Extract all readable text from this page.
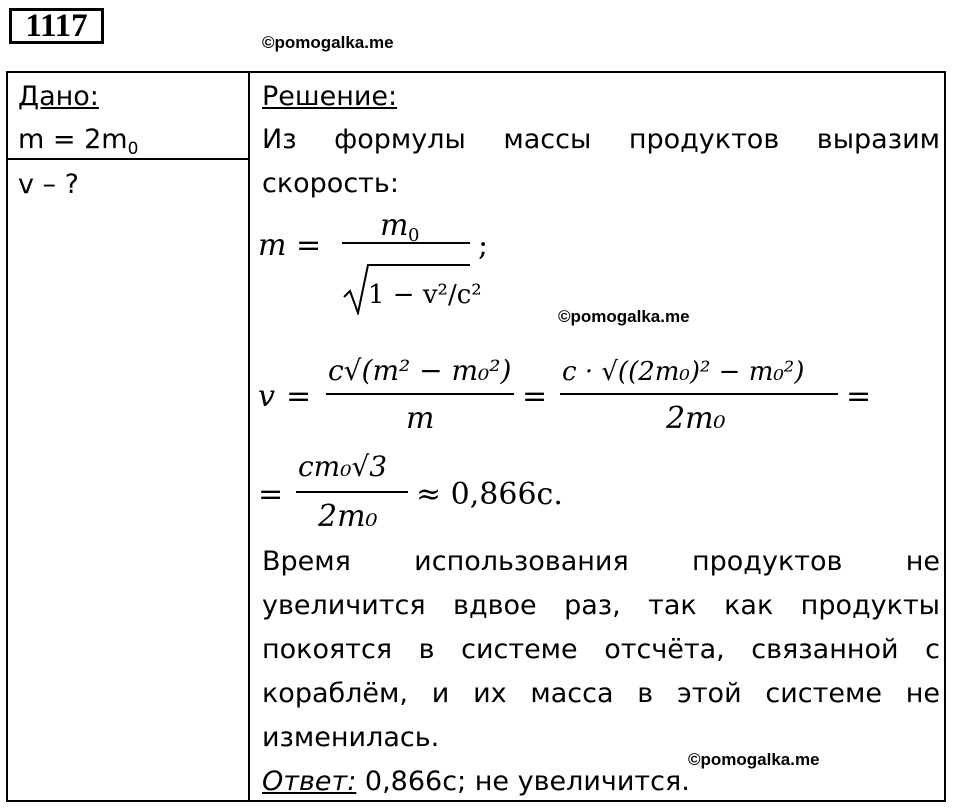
1117	©pomogalka.me
©pomogalka.me
©pomogalka.me
Дано:
$m = 2m_0$
v – ?
Решение:
Из формулы массы продуктов выразим скорость:
m =
m 0
1 − v²/c²
;
v =
c√(m² − m₀²)
m
=
c · √((2m₀)² − m₀²)
2m₀
=
=
cm₀√3
2m₀
≈ 0,866c.
Время использования продуктов не увеличится вдвое раз, так как продукты покоятся в системе отсчёта, связанной с кораблём, и их масса в этой системе не изменилась.
Ответ: 0,866с; не увеличится.
